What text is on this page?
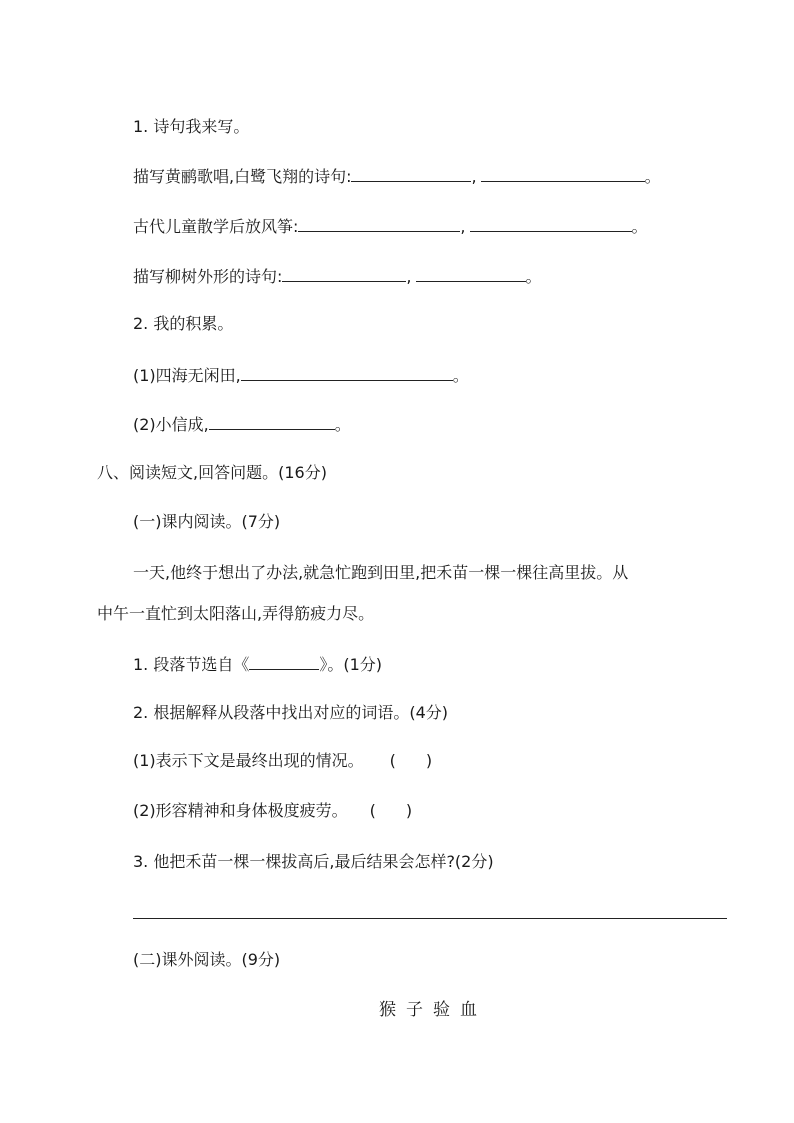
1. 诗句我来写。
描写黄鹂歌唱,白鹭飞翔的诗句:	,	。
古代儿童散学后放风筝:	,	。
描写柳树外形的诗句:	,	。
2. 我的积累。
(1)四海无闲田,	。
(2)小信成,	。
八、阅读短文,回答问题。(16分)
(一)课内阅读。(7分)
一天,他终于想出了办法,就急忙跑到田里,把禾苗一棵一棵往高里拔。从
中午一直忙到太阳落山,弄得筋疲力尽。
1. 段落节选自《	》。(1分)
2. 根据解释从段落中找出对应的词语。(4分)
(1)表示下文是最终出现的情况。 ( )
(2)形容精神和身体极度疲劳。 ( )
3. 他把禾苗一棵一棵拔高后,最后结果会怎样?(2分)
(二)课外阅读。(9分)
猴子验血
